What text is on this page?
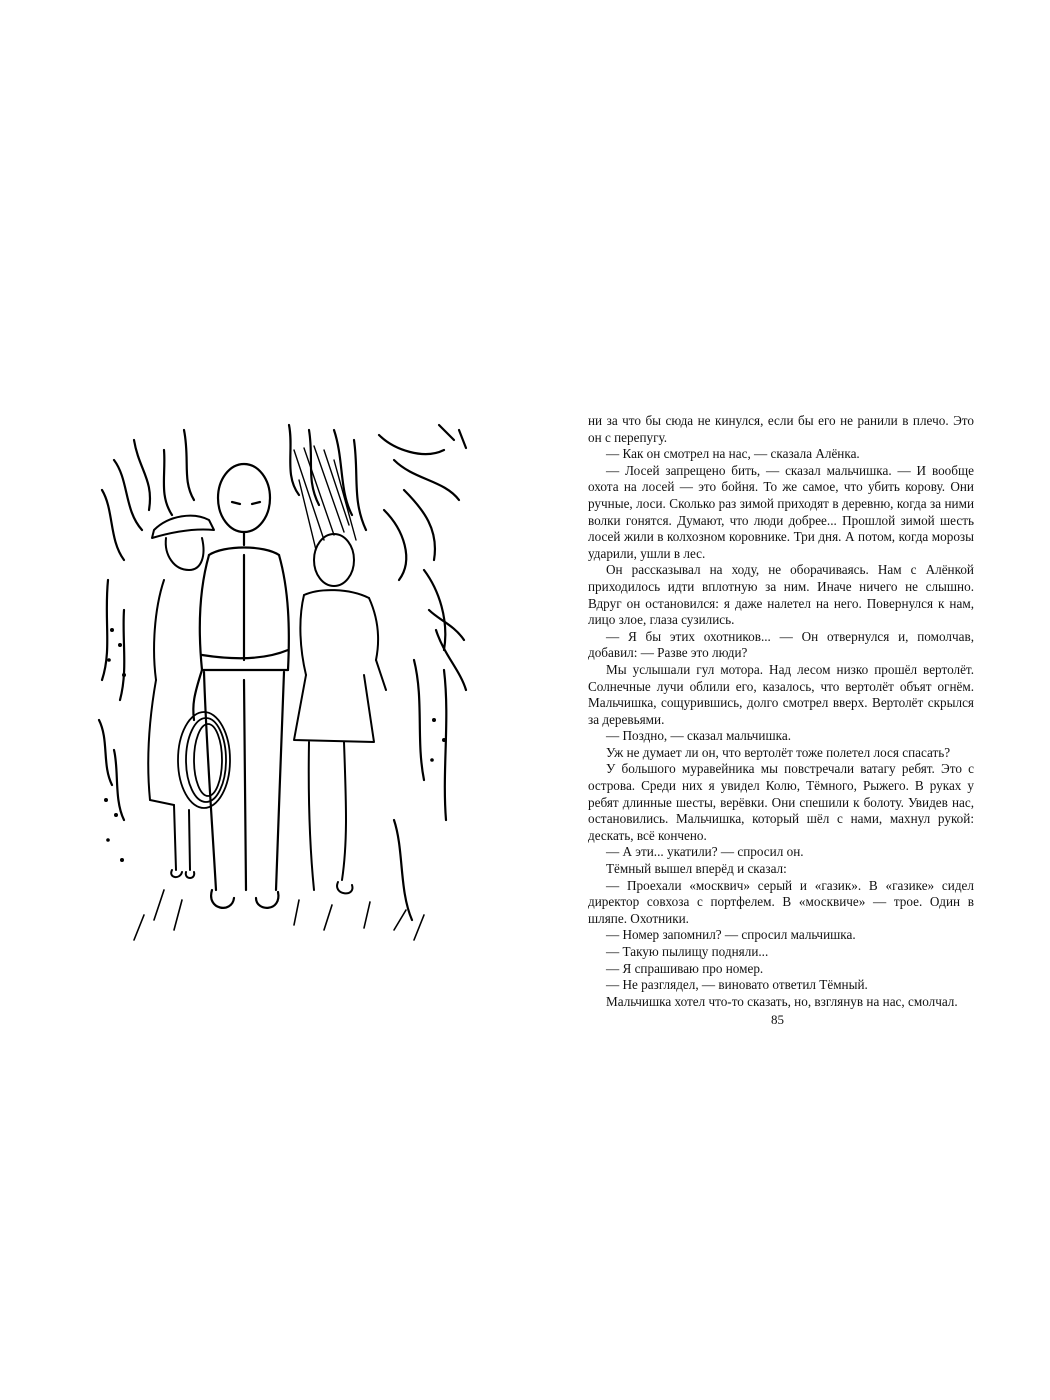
ни за что бы сюда не кинулся, если бы его не ранили в плечо. Это он с перепугу.

— Как он смотрел на нас, — сказала Алёнка.

— Лосей запрещено бить, — сказал мальчишка. — И вообще охота на лосей — это бойня. То же самое, что убить корову. Они ручные, лоси. Сколько раз зимой приходят в деревню, когда за ними волки гонятся. Думают, что люди добрее... Прошлой зимой шесть лосей жили в колхозном коровнике. Три дня. А потом, когда морозы ударили, ушли в лес.

Он рассказывал на ходу, не оборачиваясь. Нам с Алёнкой приходилось идти вплотную за ним. Иначе ничего не слышно. Вдруг он остановился: я даже налетел на него. Повернулся к нам, лицо злое, глаза сузились.

— Я бы этих охотников... — Он отвернулся и, помолчав, добавил: — Разве это люди?

Мы услышали гул мотора. Над лесом низко прошёл вертолёт. Солнечные лучи облили его, казалось, что вертолёт объят огнём. Мальчишка, сощурившись, долго смотрел вверх. Вертолёт скрылся за деревьями.

— Поздно, — сказал мальчишка.

Уж не думает ли он, что вертолёт тоже полетел лося спасать?

У большого муравейника мы повстречали ватагу ребят. Это с острова. Среди них я увидел Колю, Тёмного, Рыжего. В руках у ребят длинные шесты, верёвки. Они спешили к болоту. Увидев нас, остановились. Мальчишка, который шёл с нами, махнул рукой: дескать, всё кончено.

— А эти... укатили? — спросил он.

Тёмный вышел вперёд и сказал:

— Проехали «москвич» серый и «газик». В «газике» сидел директор совхоза с портфелем. В «москвиче» — трое. Один в шляпе. Охотники.

— Номер запомнил? — спросил мальчишка.

— Такую пылищу подняли...

— Я спрашиваю про номер.

— Не разглядел, — виновато ответил Тёмный.

Мальчишка хотел что-то сказать, но, взглянув на нас, смолчал.

85
